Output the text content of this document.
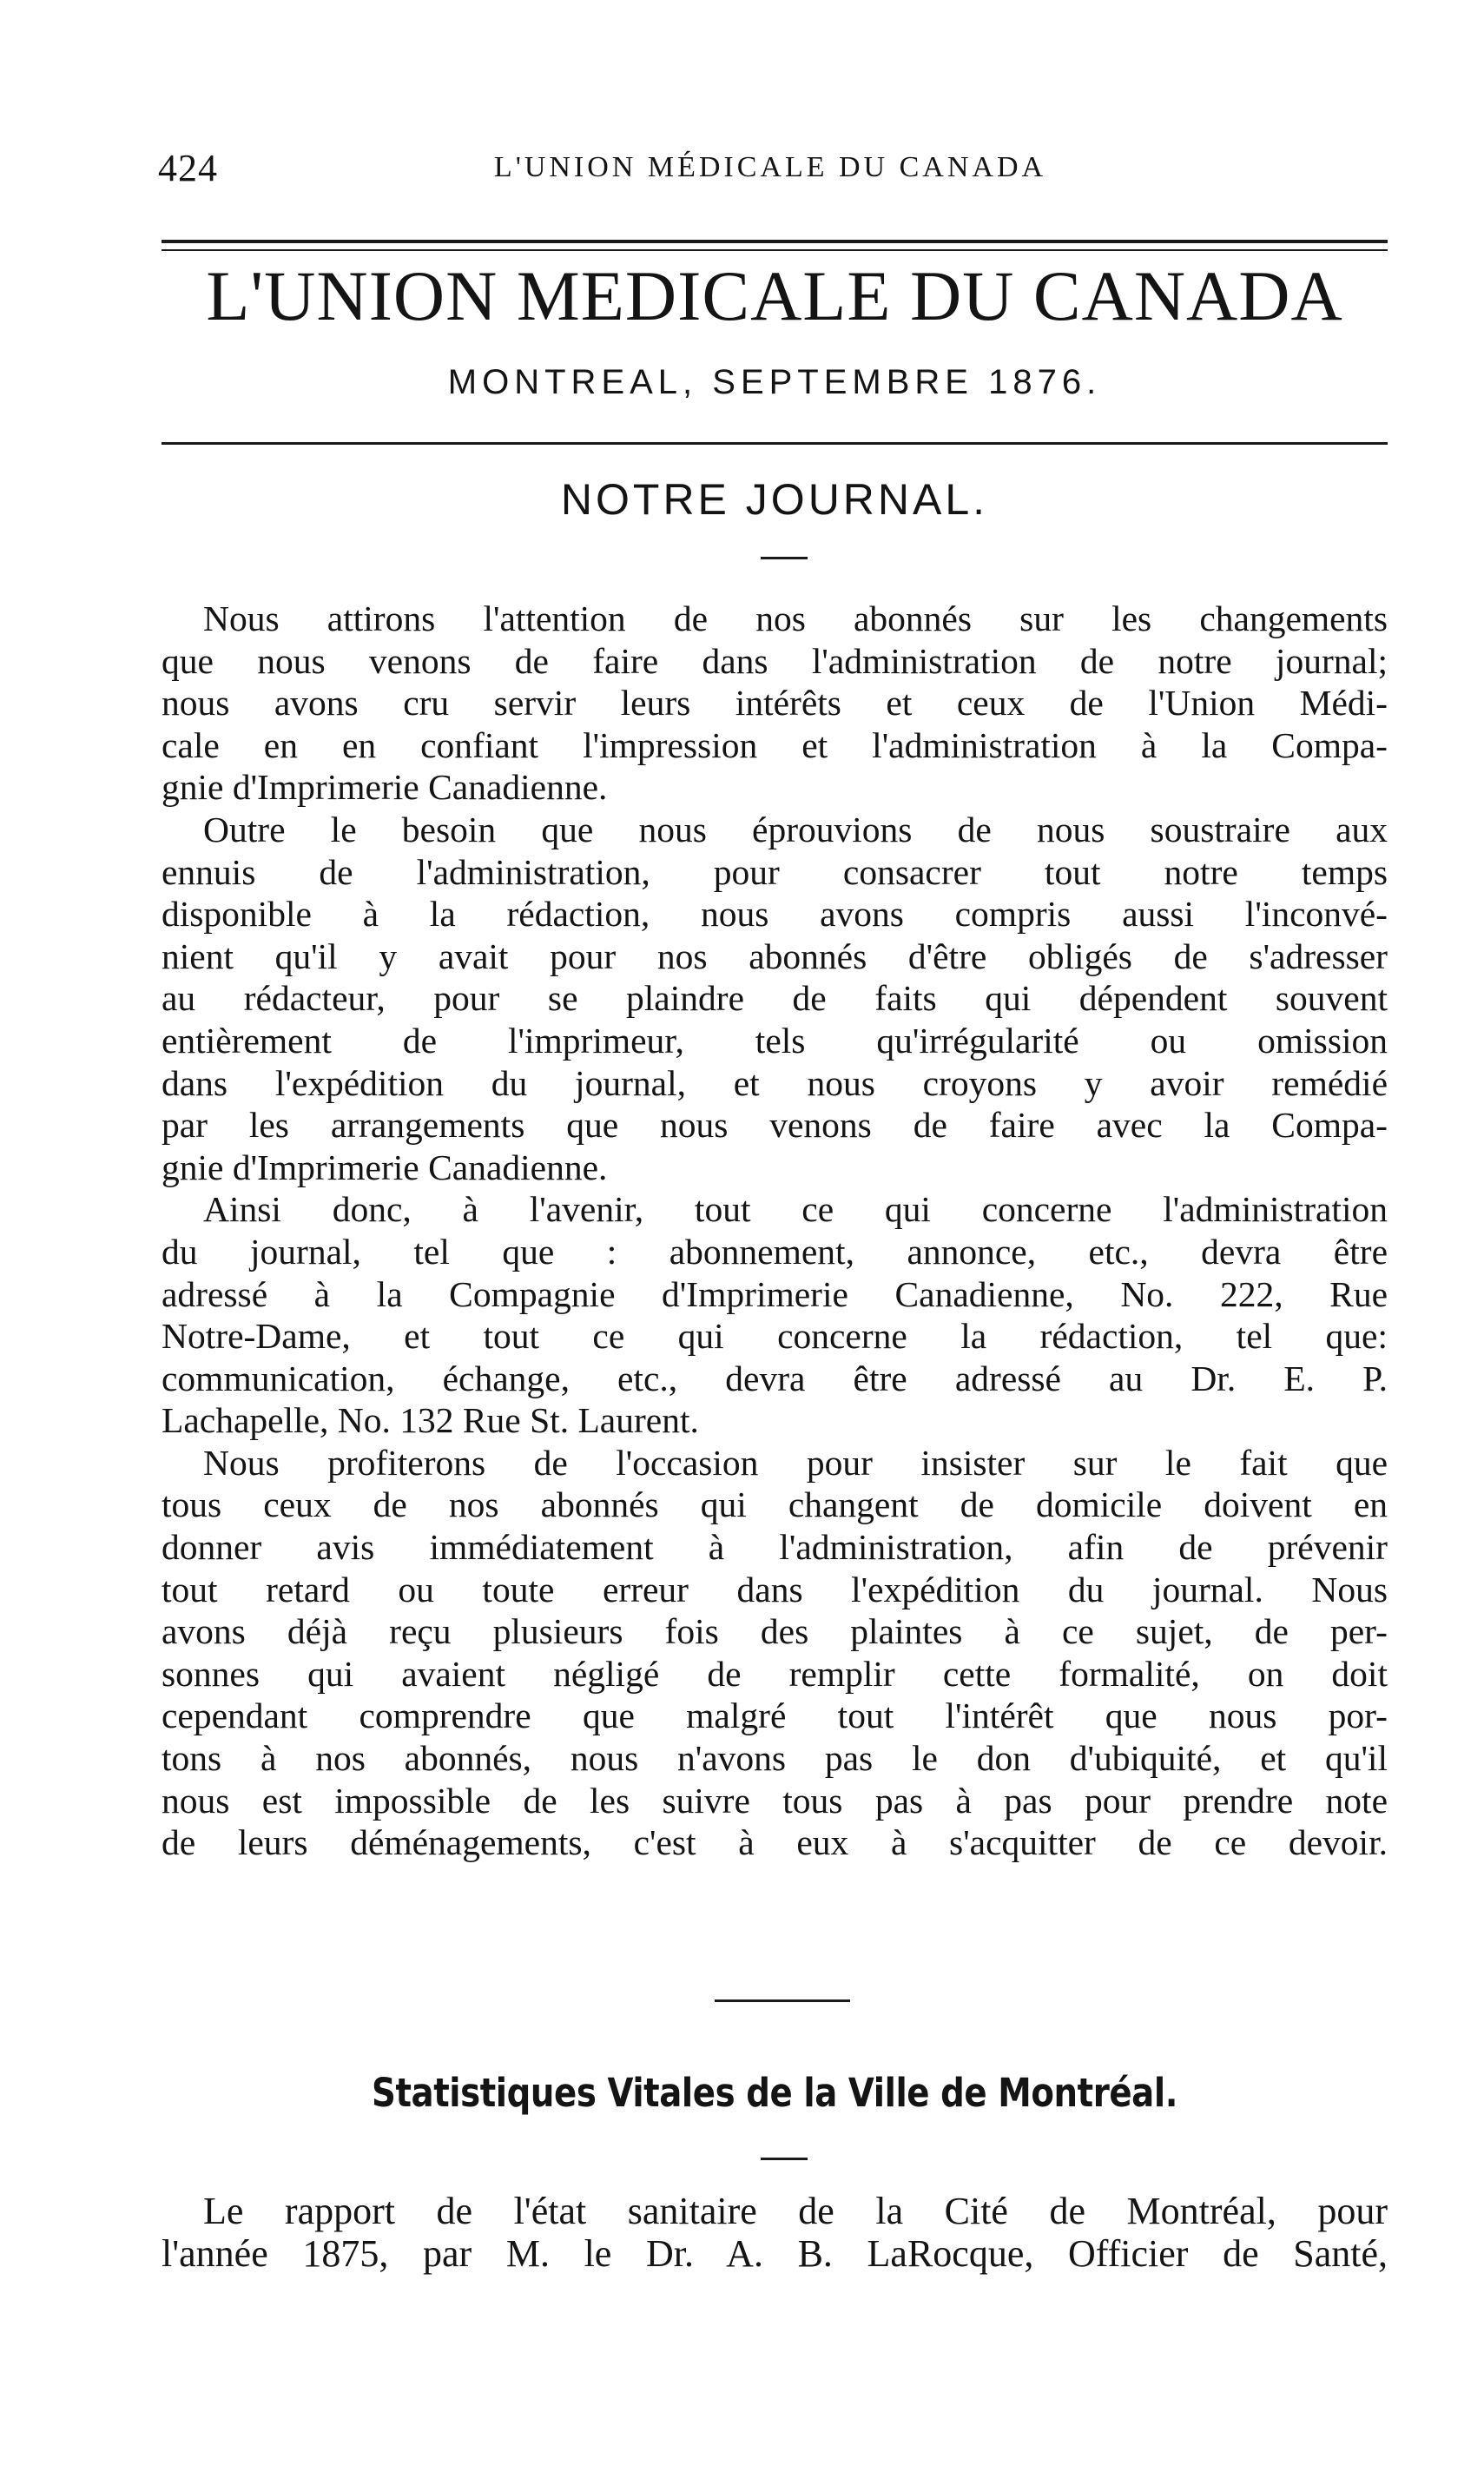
424	L'UNION MÉDICALE DU CANADA
L'UNION MEDICALE DU CANADA
MONTREAL, SEPTEMBRE 1876.
NOTRE JOURNAL.
Nous attirons l'attention de nos abonnés sur les changements
que nous venons de faire dans l'administration de notre journal;
nous avons cru servir leurs intérêts et ceux de l'Union Médi-
cale en en confiant l'impression et l'administration à la Compa-
gnie d'Imprimerie Canadienne.
Outre le besoin que nous éprouvions de nous soustraire aux
ennuis de l'administration, pour consacrer tout notre temps
disponible à la rédaction, nous avons compris aussi l'inconvé-
nient qu'il y avait pour nos abonnés d'être obligés de s'adresser
au rédacteur, pour se plaindre de faits qui dépendent souvent
entièrement de l'imprimeur, tels qu'irrégularité ou omission
dans l'expédition du journal, et nous croyons y avoir remédié
par les arrangements que nous venons de faire avec la Compa-
gnie d'Imprimerie Canadienne.
Ainsi donc, à l'avenir, tout ce qui concerne l'administration
du journal, tel que : abonnement, annonce, etc., devra être
adressé à la Compagnie d'Imprimerie Canadienne, No. 222, Rue
Notre-Dame, et tout ce qui concerne la rédaction, tel que:
communication, échange, etc., devra être adressé au Dr. E. P.
Lachapelle, No. 132 Rue St. Laurent.
Nous profiterons de l'occasion pour insister sur le fait que
tous ceux de nos abonnés qui changent de domicile doivent en
donner avis immédiatement à l'administration, afin de prévenir
tout retard ou toute erreur dans l'expédition du journal. Nous
avons déjà reçu plusieurs fois des plaintes à ce sujet, de per-
sonnes qui avaient négligé de remplir cette formalité, on doit
cependant comprendre que malgré tout l'intérêt que nous por-
tons à nos abonnés, nous n'avons pas le don d'ubiquité, et qu'il
nous est impossible de les suivre tous pas à pas pour prendre note
de leurs déménagements, c'est à eux à s'acquitter de ce devoir.
Statistiques Vitales de la Ville de Montréal.
Le rapport de l'état sanitaire de la Cité de Montréal, pour
l'année 1875, par M. le Dr. A. B. LaRocque, Officier de Santé,
